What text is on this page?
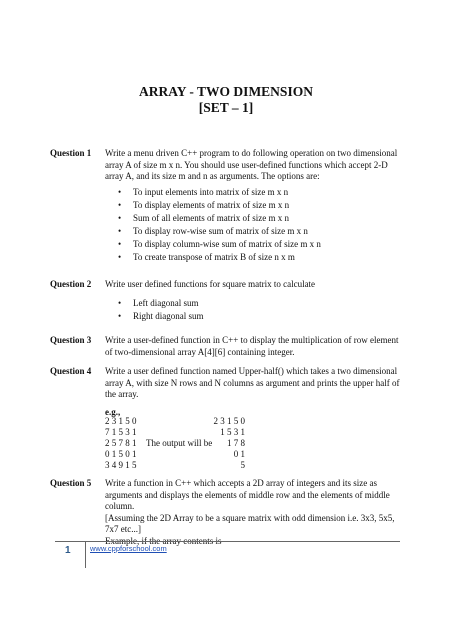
ARRAY - TWO DIMENSION
[SET – 1]
Question 1 Write a menu driven C++ program to do following operation on two dimensional array A of size m x n. You should use user-defined functions which accept 2-D array A, and its size m and n as arguments. The options are:
• To input elements into matrix of size m x n
• To display elements of matrix of size m x n
• Sum of all elements of matrix of size m x n
• To display row-wise sum of matrix of size m x n
• To display column-wise sum of matrix of size m x n
• To create transpose of matrix B of size n x m
Question 2 Write user defined functions for square matrix to calculate
• Left diagonal sum
• Right diagonal sum
Question 3 Write a user-defined function in C++ to display the multiplication of row element of two-dimensional array A[4][6] containing integer.
Question 4 Write a user defined function named Upper-half() which takes a two dimensional array A, with size N rows and N columns as argument and prints the upper half of the array.
e.g.,
2 3 1 5 0
7 1 5 3 1
2 5 7 8 1
0 1 5 0 1
3 4 9 1 5
The output will be
2 3 1 5 0
1 5 3 1
1 7 8
0 1
5
Question 5 Write a function in C++ which accepts a 2D array of integers and its size as arguments and displays the elements of middle row and the elements of middle column.

[Assuming the 2D Array to be a square matrix with odd dimension i.e. 3x3, 5x5, 7x7 etc...]

1	www.cppforschool.com
